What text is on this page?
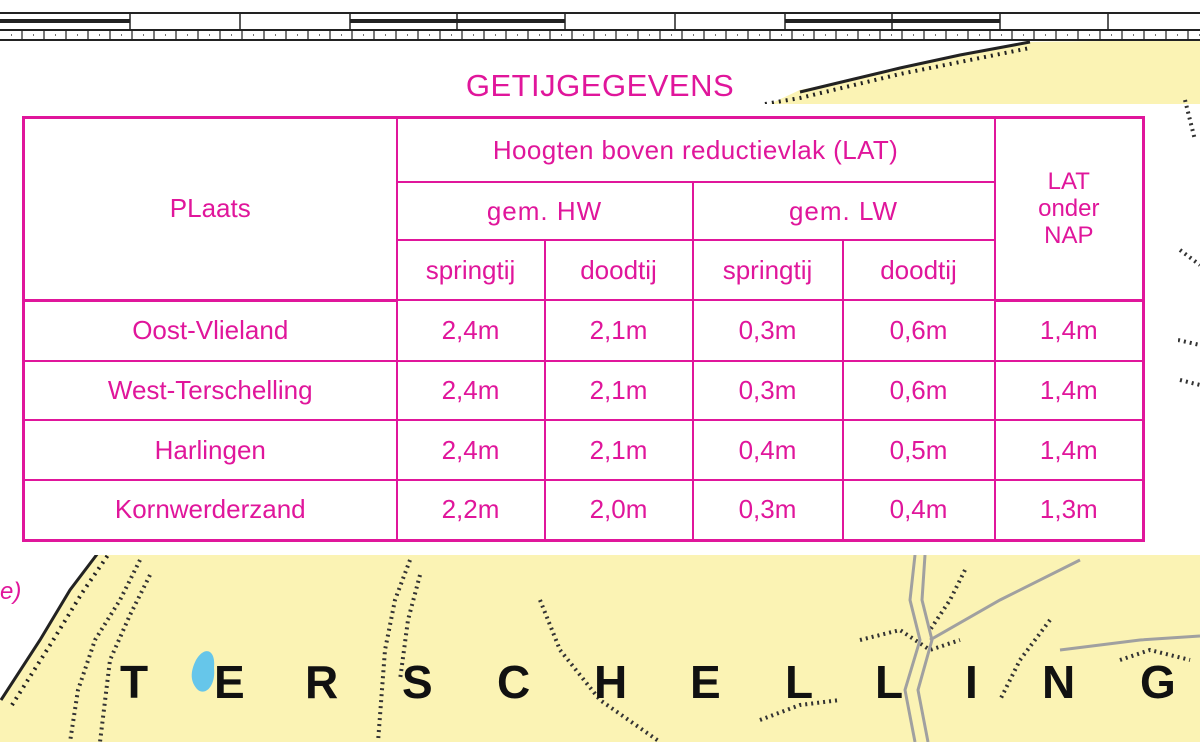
GETIJGEGEVENS
PLaats	Hoogten boven reductievlak (LAT)				LAT
onder
NAP

	gem. HW		gem. LW		
	springtij	doodtij	springtij	doodtij	
Oost-Vlieland	2,4m	2,1m	0,3m	0,6m	1,4m
West-Terschelling	2,4m	2,1m	0,3m	0,6m	1,4m
Harlingen	2,4m	2,1m	0,4m	0,5m	1,4m
Kornwerderzand	2,2m	2,0m	0,3m	0,4m	1,3m
e)
T E R S C H E L L I N G
